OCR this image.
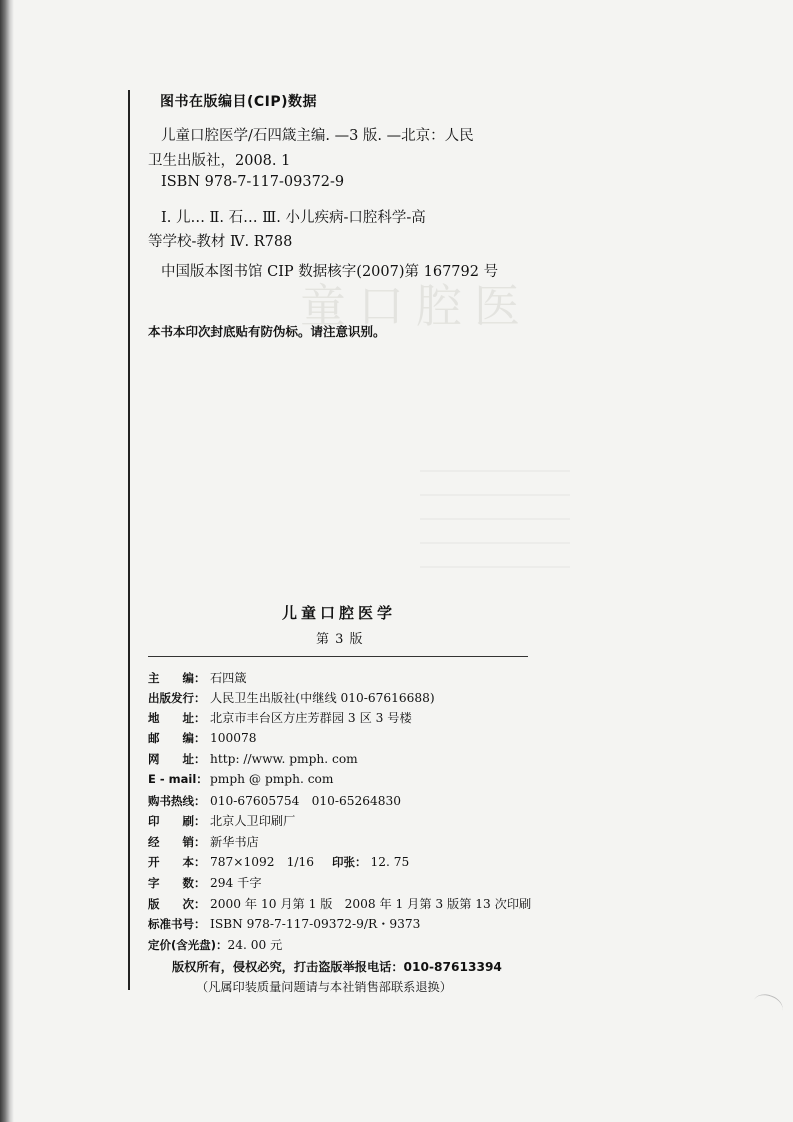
童口腔医
图书在版编目(CIP)数据
儿童口腔医学/石四箴主编. —3 版. —北京：人民
卫生出版社，2008. 1
ISBN 978-7-117-09372-9
Ⅰ. 儿… Ⅱ. 石… Ⅲ. 小儿疾病-口腔科学-高
等学校-教材 Ⅳ. R788
中国版本图书馆 CIP 数据核字(2007)第 167792 号
本书本印次封底贴有防伪标。请注意识别。
儿童口腔医学
第 3 版
主　　编： 石四箴
出版发行： 人民卫生出版社(中继线 010-67616688)
地　　址： 北京市丰台区方庄芳群园 3 区 3 号楼
邮　　编： 100078
网　　址： http: //www. pmph. com
E - mail： pmph @ pmph. com
购书热线： 010-67605754　010-65264830
印　　刷： 北京人卫印刷厂
经　　销： 新华书店
开　　本： 787×1092　1/16 印张： 12. 75
字　　数： 294 千字
版　　次： 2000 年 10 月第 1 版　2008 年 1 月第 3 版第 13 次印刷
标准书号： ISBN 978-7-117-09372-9/R・9373
定价(含光盘)：24. 00 元
版权所有，侵权必究，打击盗版举报电话：010-87613394
（凡属印装质量问题请与本社销售部联系退换）
